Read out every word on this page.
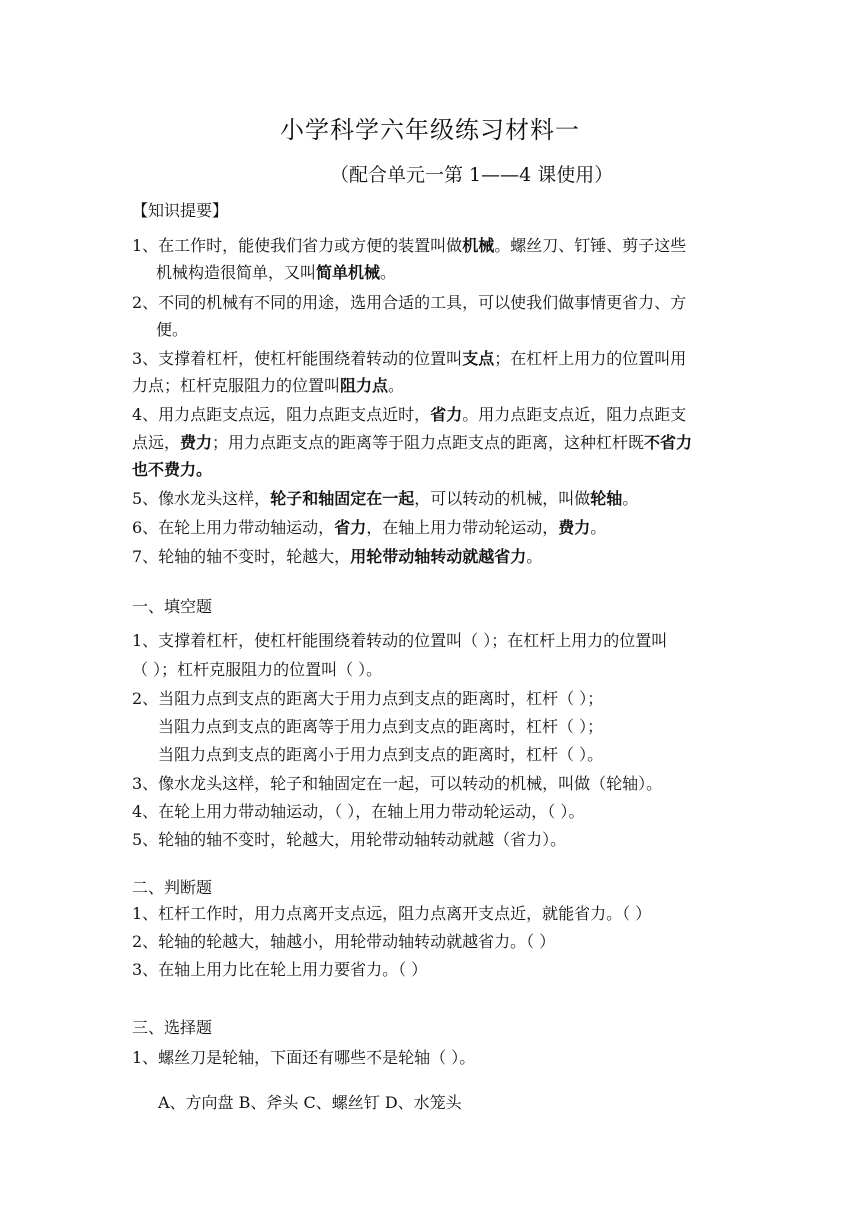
小学科学六年级练习材料一
（配合单元一第 1——4 课使用）
【知识提要】
1、在工作时，能使我们省力或方便的装置叫做机械。螺丝刀、钉锤、剪子这些
机械构造很简单，又叫简单机械。
2、不同的机械有不同的用途，选用合适的工具，可以使我们做事情更省力、方
便。
3、支撑着杠杆，使杠杆能围绕着转动的位置叫支点；在杠杆上用力的位置叫用
力点；杠杆克服阻力的位置叫阻力点。
4、用力点距支点远，阻力点距支点近时，省力。用力点距支点近，阻力点距支
点远，费力；用力点距支点的距离等于阻力点距支点的距离，这种杠杆既不省力
也不费力。
5、像水龙头这样，轮子和轴固定在一起，可以转动的机械，叫做轮轴。
6、在轮上用力带动轴运动，省力，在轴上用力带动轮运动，费力。
7、轮轴的轴不变时，轮越大，用轮带动轴转动就越省力。
一、填空题
1、支撑着杠杆，使杠杆能围绕着转动的位置叫（ ）；在杠杆上用力的位置叫
（ ）；杠杆克服阻力的位置叫（ ）。
2、当阻力点到支点的距离大于用力点到支点的距离时，杠杆（ ）；
当阻力点到支点的距离等于用力点到支点的距离时，杠杆（ ）；
当阻力点到支点的距离小于用力点到支点的距离时，杠杆（ ）。
3、像水龙头这样，轮子和轴固定在一起，可以转动的机械，叫做（轮轴）。
4、在轮上用力带动轴运动，（ ），在轴上用力带动轮运动，（ ）。
5、轮轴的轴不变时，轮越大，用轮带动轴转动就越（省力）。
二、判断题
1、杠杆工作时，用力点离开支点远，阻力点离开支点近，就能省力。（ ）
2、轮轴的轮越大，轴越小，用轮带动轴转动就越省力。（ ）
3、在轴上用力比在轮上用力要省力。（ ）
三、选择题
1、螺丝刀是轮轴，下面还有哪些不是轮轴（ ）。
A、方向盘 B、斧头 C、螺丝钉 D、水笼头
